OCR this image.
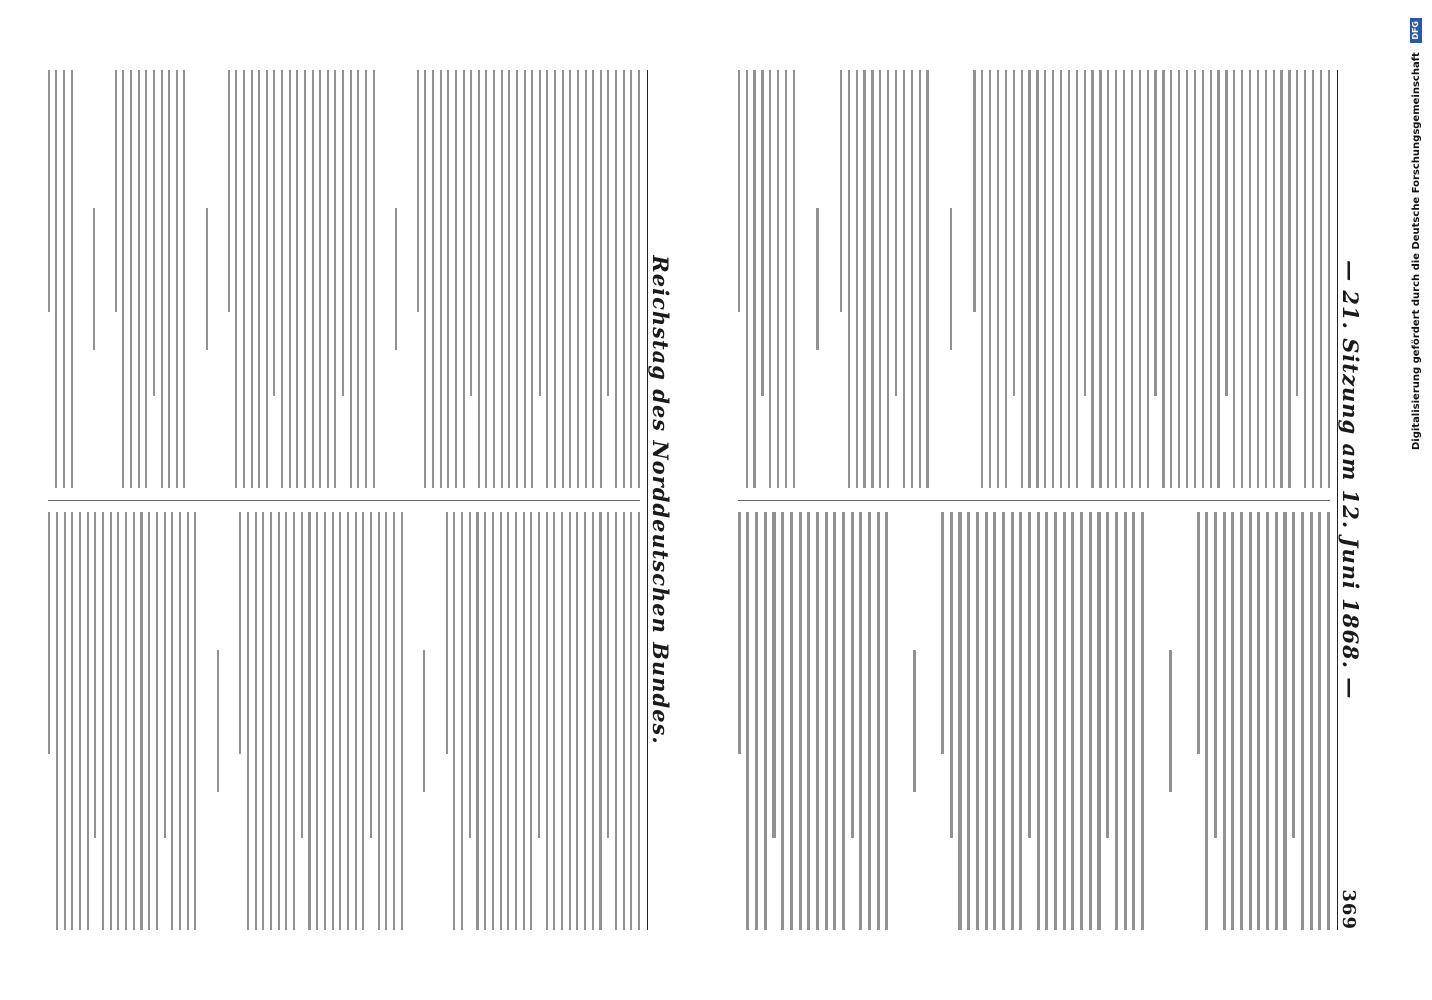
— 21. Sitzung am 12. Juni 1868. —
369
Reichstag des Norddeutschen Bundes.
Digitalisierung gefördert durch die Deutsche Forschungsgemeinschaft DFG
